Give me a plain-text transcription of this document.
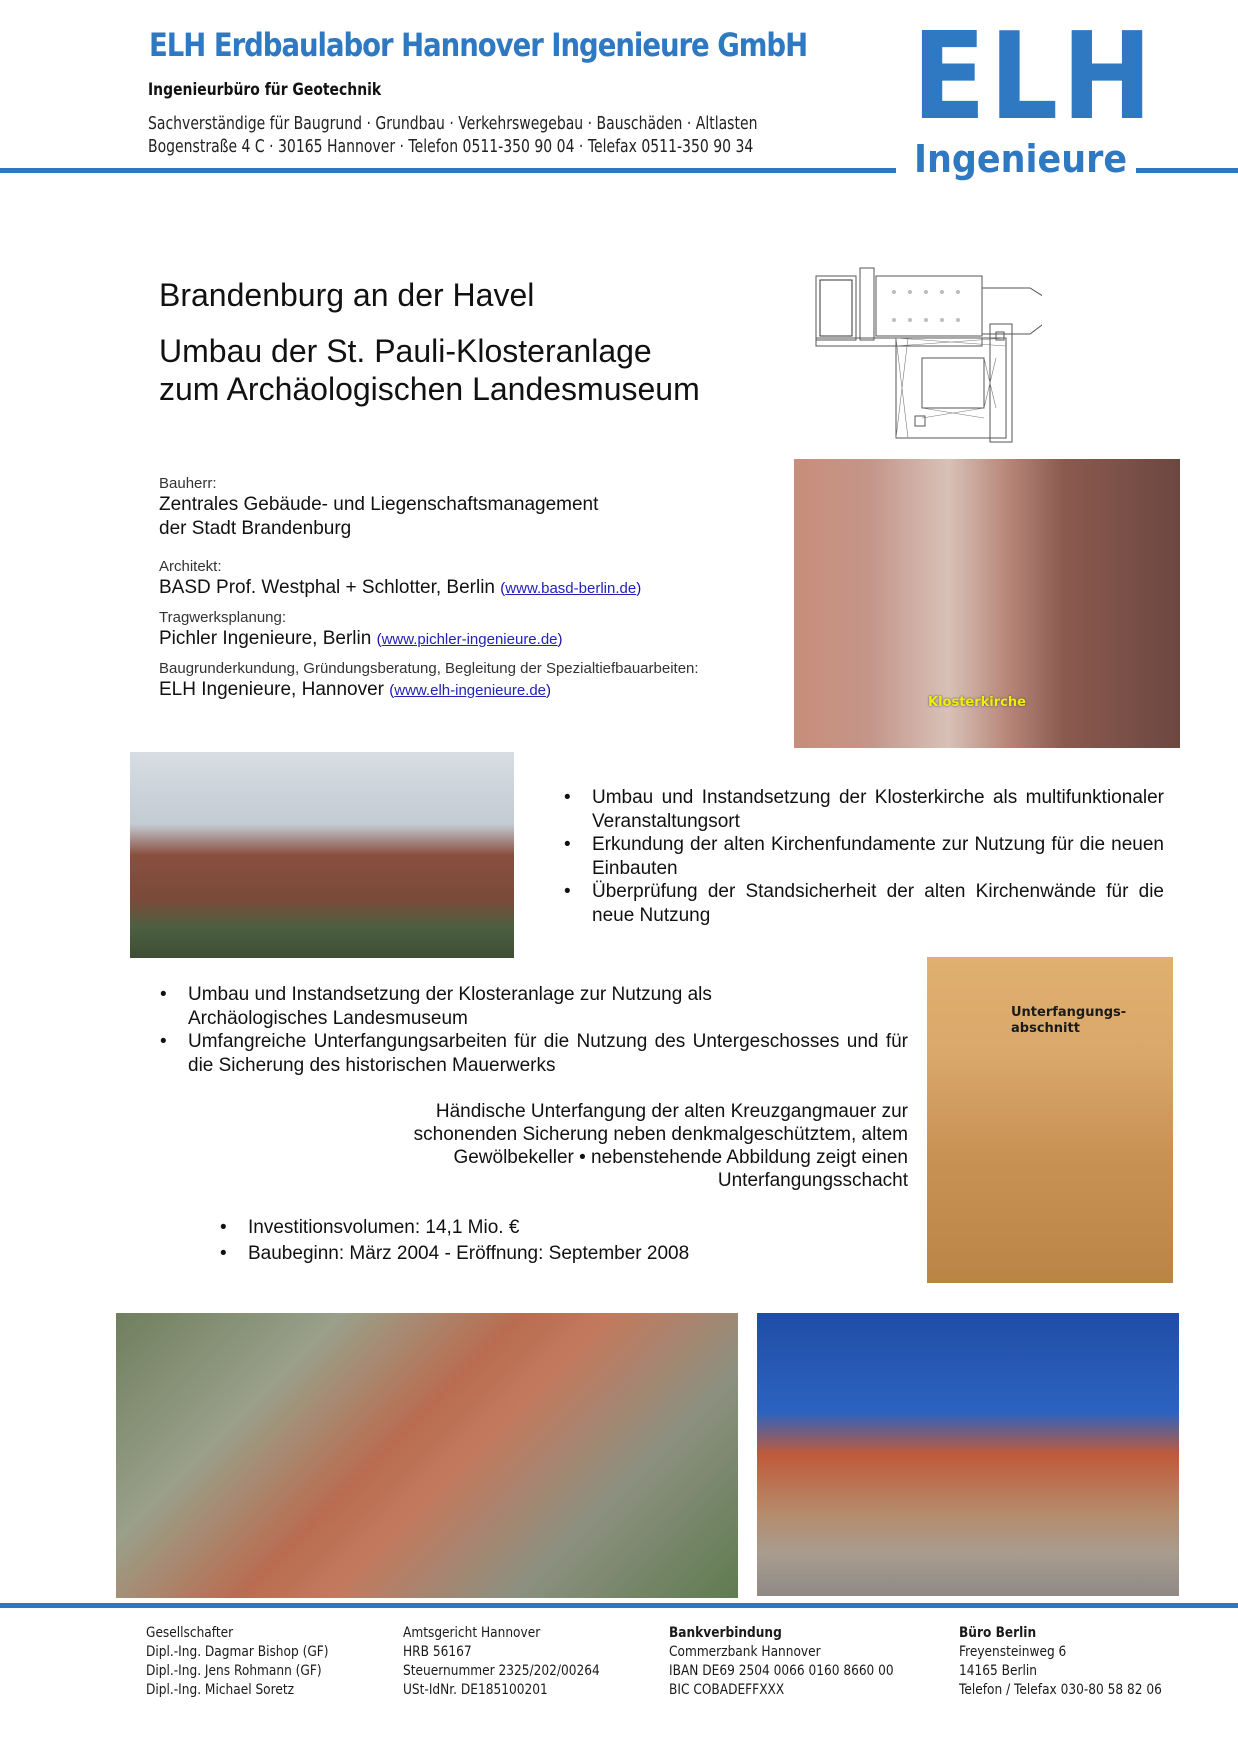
ELH Erdbaulabor Hannover Ingenieure GmbH
Ingenieurbüro für Geotechnik
Sachverständige für Baugrund · Grundbau · Verkehrswegebau · Bauschäden · Altlasten
Bogenstraße 4 C · 30165 Hannover · Telefon 0511-350 90 04 · Telefax 0511-350 90 34 ELH
Ingenieure
Brandenburg an der Havel
Umbau der St. Pauli-Klosteranlage
zum Archäologischen Landesmuseum
Bauherr:
Zentrales Gebäude- und Liegenschaftsmanagement
der Stadt Brandenburg
Architekt:
BASD Prof. Westphal + Schlotter, Berlin (www.basd-berlin.de)
Tragwerksplanung:
Pichler Ingenieure, Berlin (www.pichler-ingenieure.de)
Baugrunderkundung, Gründungsberatung, Begleitung der Spezialtiefbauarbeiten:
ELH Ingenieure, Hannover (www.elh-ingenieure.de)
Klosterkirche
Unterfangungs-
abschnitt
• Umbau und Instandsetzung der Klosterkirche als multifunktionaler Veranstaltungsort
• Erkundung der alten Kirchenfundamente zur Nutzung für die neuen Einbauten
• Überprüfung der Standsicherheit der alten Kirchenwände für die neue Nutzung
• Umbau und Instandsetzung der Klosteranlage zur Nutzung als Archäologisches Landesmuseum
• Umfangreiche Unterfangungsarbeiten für die Nutzung des Untergeschosses und für die Sicherung des historischen Mauerwerks
Händische Unterfangung der alten Kreuzgangmauer zur
schonenden Sicherung neben denkmalgeschütztem, altem
Gewölbekeller • nebenstehende Abbildung zeigt einen
Unterfangungsschacht
• Investitionsvolumen: 14,1 Mio. €
• Baubeginn: März 2004 - Eröffnung: September 2008
Gesellschafter
Dipl.-Ing. Dagmar Bishop (GF)
Dipl.-Ing. Jens Rohmann (GF)
Dipl.-Ing. Michael Soretz
Amtsgericht Hannover
HRB 56167
Steuernummer 2325/202/00264
USt-IdNr. DE185100201
Bankverbindung
Commerzbank Hannover
IBAN DE69 2504 0066 0160 8660 00
BIC COBADEFFXXX
Büro Berlin
Freyensteinweg 6
14165 Berlin
Telefon / Telefax 030-80 58 82 06
